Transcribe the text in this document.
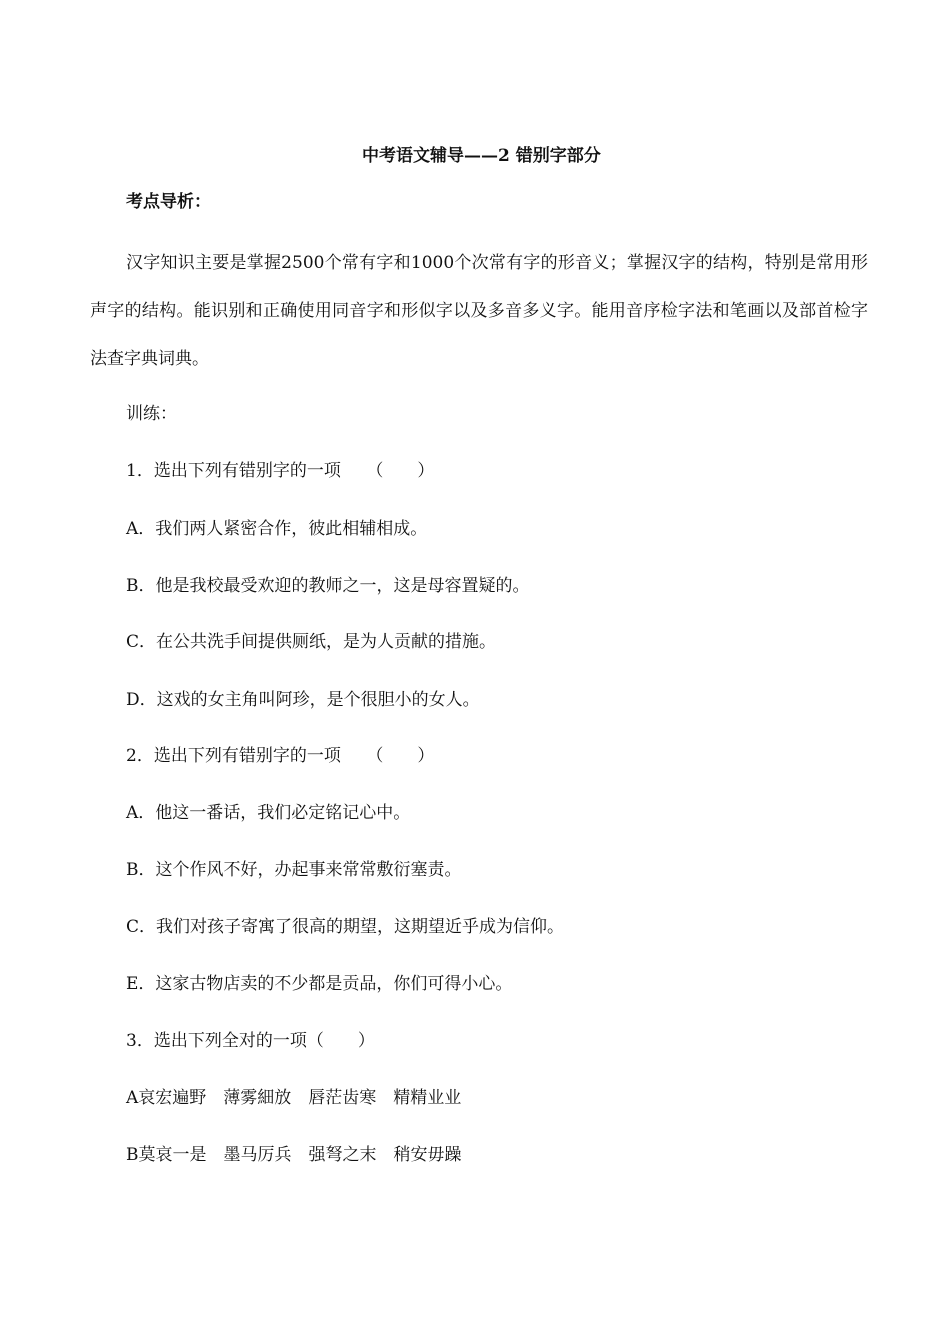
中考语文辅导——2 错别字部分
考点导析：
汉字知识主要是掌握2500个常有字和1000个次常有字的形音义；掌握汉字的结构，特别是常用形声字的结构。能识别和正确使用同音字和形似字以及多音多义字。能用音序检字法和笔画以及部首检字法查字典词典。
训练：
1．选出下列有错别字的一项　　（　　）
A．我们两人紧密合作，彼此相辅相成。
B．他是我校最受欢迎的教师之一，这是母容置疑的。
C．在公共洗手间提供厕纸，是为人贡献的措施。
D．这戏的女主角叫阿珍，是个很胆小的女人。
2．选出下列有错别字的一项　　（　　）
A．他这一番话，我们必定铭记心中。
B．这个作风不好，办起事来常常敷衍塞责。
C．我们对孩子寄寓了很高的期望，这期望近乎成为信仰。
E．这家古物店卖的不少都是贡品，你们可得小心。
3．选出下列全对的一项（　　）
A哀宏遍野　薄雾細放　唇茫齿寒　精精业业
B莫哀一是　墨马厉兵　强弩之末　稍安毋躁
